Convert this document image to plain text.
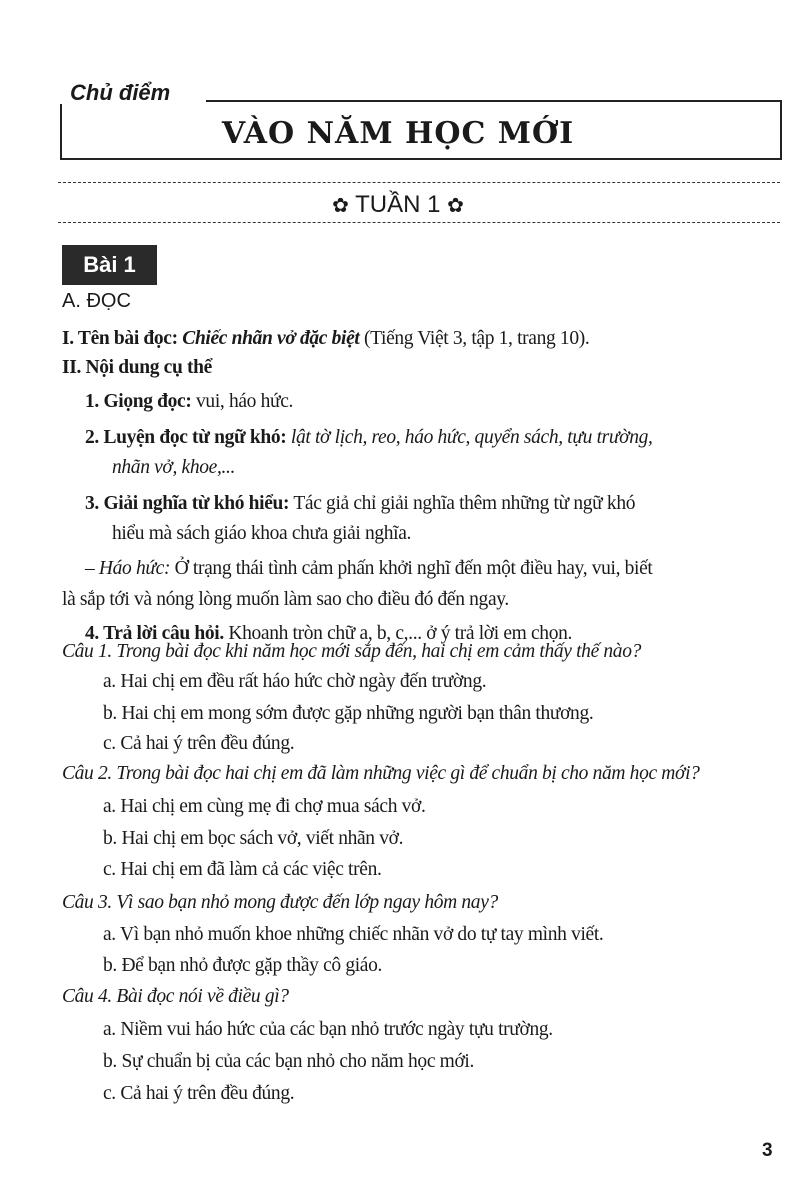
Chủ điểm
VÀO NĂM HỌC MỚI
✿ TUẦN 1 ✿
Bài 1
A. ĐỌC
I. Tên bài đọc: Chiếc nhãn vở đặc biệt (Tiếng Việt 3, tập 1, trang 10).
II. Nội dung cụ thể
1. Giọng đọc: vui, háo hức.
2. Luyện đọc từ ngữ khó: lật tờ lịch, reo, háo hức, quyển sách, tựu trường,
nhãn vở, khoe,...
3. Giải nghĩa từ khó hiểu: Tác giả chỉ giải nghĩa thêm những từ ngữ khó
hiểu mà sách giáo khoa chưa giải nghĩa.
– Háo hức: Ở trạng thái tình cảm phấn khởi nghĩ đến một điều hay, vui, biết
là sắp tới và nóng lòng muốn làm sao cho điều đó đến ngay.
4. Trả lời câu hỏi. Khoanh tròn chữ a, b, c,... ở ý trả lời em chọn.
Câu 1. Trong bài đọc khi năm học mới sắp đến, hai chị em cảm thấy thế nào?
a. Hai chị em đều rất háo hức chờ ngày đến trường.
b. Hai chị em mong sớm được gặp những người bạn thân thương.
c. Cả hai ý trên đều đúng.
Câu 2. Trong bài đọc hai chị em đã làm những việc gì để chuẩn bị cho năm học mới?
a. Hai chị em cùng mẹ đi chợ mua sách vở.
b. Hai chị em bọc sách vở, viết nhãn vở.
c. Hai chị em đã làm cả các việc trên.
Câu 3. Vì sao bạn nhỏ mong được đến lớp ngay hôm nay?
a. Vì bạn nhỏ muốn khoe những chiếc nhãn vở do tự tay mình viết.
b. Để bạn nhỏ được gặp thầy cô giáo.
Câu 4. Bài đọc nói về điều gì?
a. Niềm vui háo hức của các bạn nhỏ trước ngày tựu trường.
b. Sự chuẩn bị của các bạn nhỏ cho năm học mới.
c. Cả hai ý trên đều đúng.
3
